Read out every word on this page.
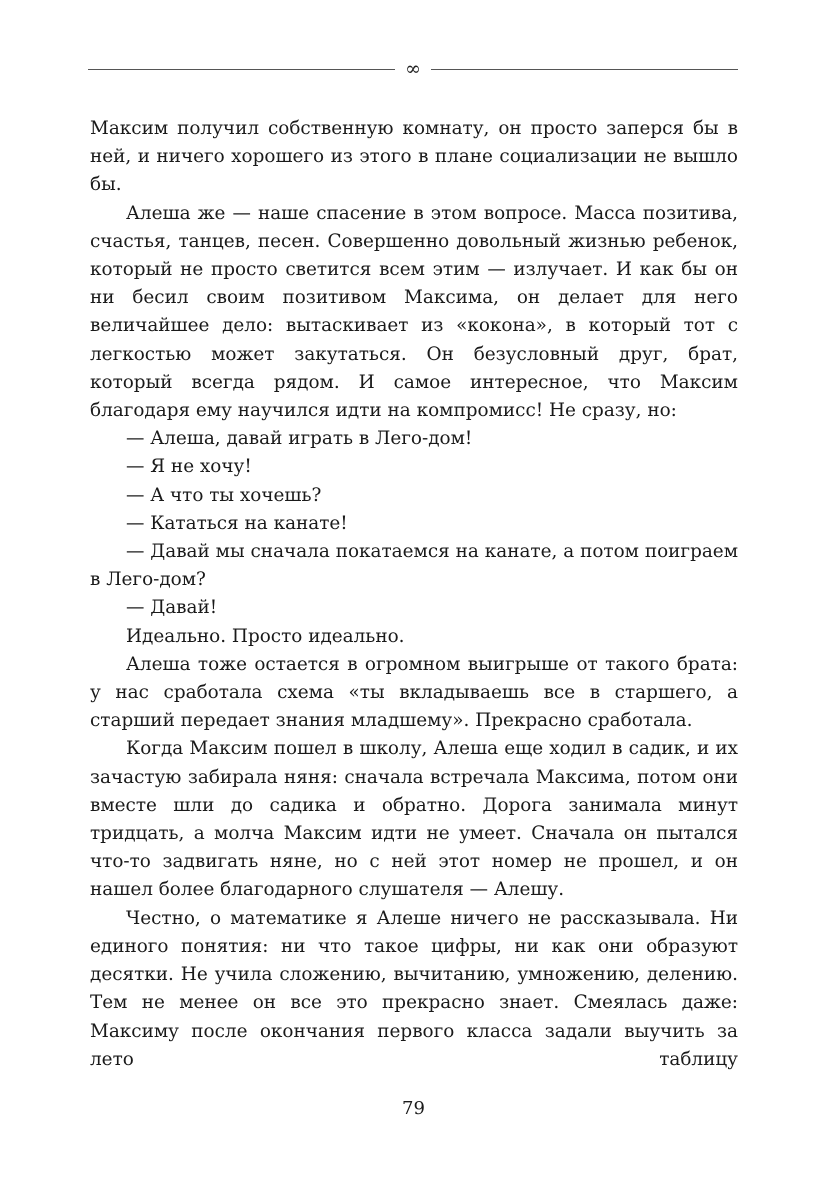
∞

Максим получил собственную комнату, он просто заперся бы в ней, и ничего хорошего из этого в плане социализации не вышло бы.

Алеша же — наше спасение в этом вопросе. Масса позитива, счастья, танцев, песен. Совершенно довольный жизнью ребенок, который не просто светится всем этим — излучает. И как бы он ни бесил своим позитивом Максима, он делает для него величайшее дело: вытаскивает из «кокона», в который тот с легкостью может закутаться. Он безусловный друг, брат, который всегда рядом. И самое интересное, что Максим благодаря ему научился идти на компромисс! Не сразу, но:

— Алеша, давай играть в Лего-дом!

— Я не хочу!

— А что ты хочешь?

— Кататься на канате!

— Давай мы сначала покатаемся на канате, а потом поиграем в Лего-дом?

— Давай!

Идеально. Просто идеально.

Алеша тоже остается в огромном выигрыше от такого брата: у нас сработала схема «ты вкладываешь все в старшего, а старший передает знания младшему». Прекрасно сработала.

Когда Максим пошел в школу, Алеша еще ходил в садик, и их зачастую забирала няня: сначала встречала Максима, потом они вместе шли до садика и обратно. Дорога занимала минут тридцать, а молча Максим идти не умеет. Сначала он пытался что-то задвигать няне, но с ней этот номер не прошел, и он нашел более благодарного слушателя — Алешу.

Честно, о математике я Алеше ничего не рассказывала. Ни единого понятия: ни что такое цифры, ни как они образуют десятки. Не учила сложению, вычитанию, умножению, делению. Тем не менее он все это прекрасно знает. Смеялась даже: Максиму после окончания первого класса задали выучить за лето таблицу

79
